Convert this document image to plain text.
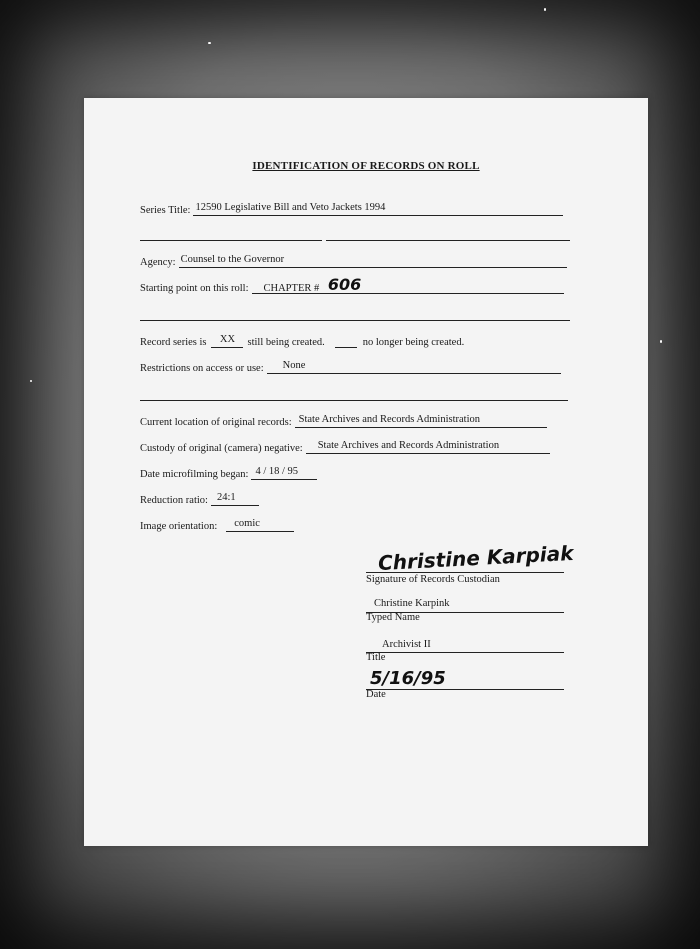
IDENTIFICATION OF RECORDS ON ROLL
Series Title: 12590 Legislative Bill and Veto Jackets 1994
Agency: Counsel to the Governor
Starting point on this roll:	CHAPTER # 606
Record series is	XX	still being created.	no longer being created.
Restrictions on access or use:	None
Current location of original records: State Archives and Records Administration
Custody of original (camera) negative:	State Archives and Records Administration
Date microfilming began: 4 / 18 / 95
Reduction ratio: 24:1
Image orientation:	comic
Christine Karpiak
Signature of Records Custodian
Christine Karpink
Typed Name
Archivist II
Title
5/16/95
Date
